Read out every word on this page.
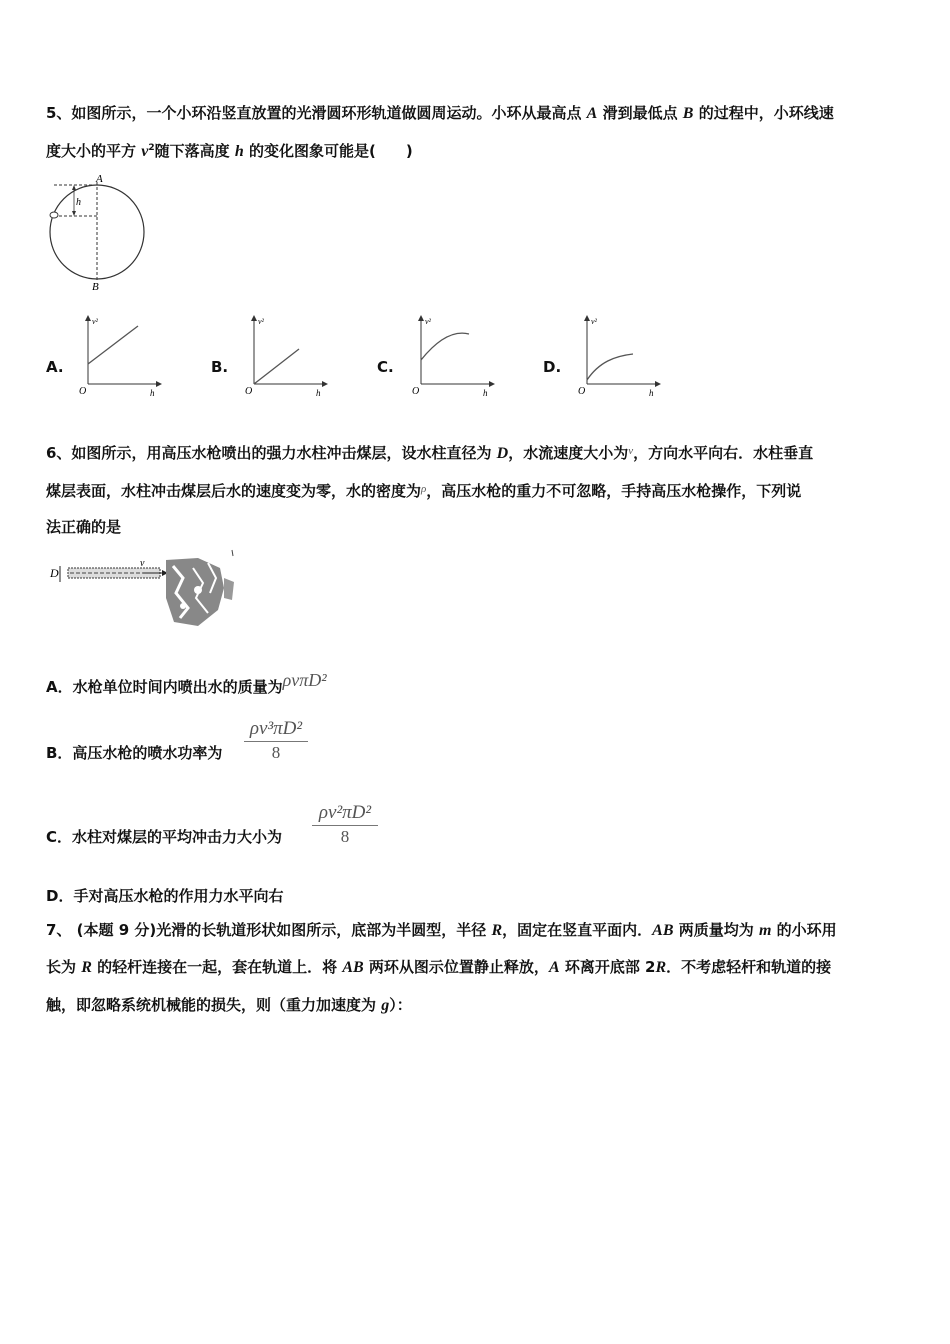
5、如图所示，一个小环沿竖直放置的光滑圆环形轨道做圆周运动。小环从最高点 A 滑到最低点 B 的过程中，小环线速
度大小的平方 $v^2$随下落高度 h 的变化图象可能是(　　)
A
B
h
A.
v²
O	h
B.
v²
O	h
C.
v²
O	h
D.
v²
O	h
6、如图所示，用高压水枪喷出的强力水柱冲击煤层，设水柱直径为 D，水流速度大小为$^v$，方向水平向右．水柱垂直
煤层表面，水柱冲击煤层后水的速度变为零，水的密度为$^\rho$，高压水枪的重力不可忽略，手持高压水枪操作，下列说
法正确的是
D
v
A．水枪单位时间内喷出水的质量为ρvπD²
B．高压水枪的喷水功率为
ρv³πD²
8
C．水柱对煤层的平均冲击力大小为
ρv²πD²
8
D．手对高压水枪的作用力水平向右
7、 (本题 9 分)光滑的长轨道形状如图所示，底部为半圆型，半径 R，固定在竖直平面内．AB 两质量均为 m 的小环用
长为 R 的轻杆连接在一起，套在轨道上．将 AB 两环从图示位置静止释放，A 环离开底部 2R．不考虑轻杆和轨道的接
触，即忽略系统机械能的损失，则（重力加速度为 g）：
